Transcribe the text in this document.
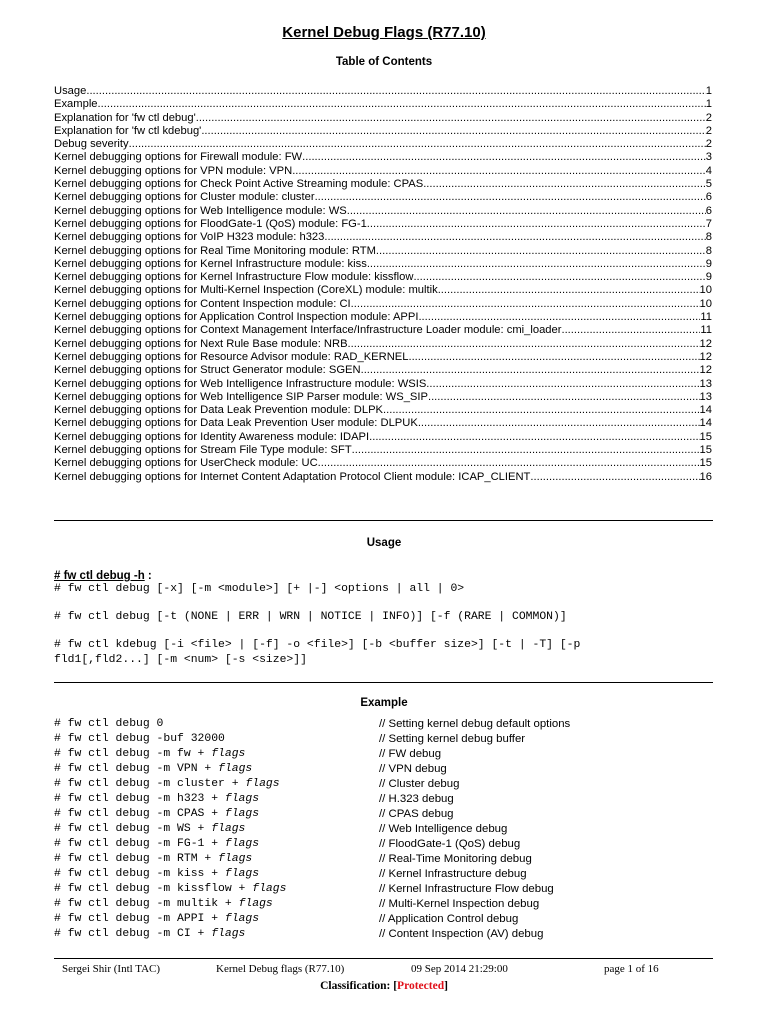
Kernel Debug Flags (R77.10)
Table of Contents
Usage .....	1
Example .....	1
Explanation for 'fw ctl debug' .....	2
Explanation for 'fw ctl kdebug' .....	2
Debug severity .....	2
Kernel debugging options for Firewall module: FW .....	3
Kernel debugging options for VPN module: VPN .....	4
Kernel debugging options for Check Point Active Streaming module: CPAS .....	5
Kernel debugging options for Cluster module: cluster .....	6
Kernel debugging options for Web Intelligence module: WS .....	6
Kernel debugging options for FloodGate-1 (QoS) module: FG-1 .....	7
Kernel debugging options for VoIP H323 module: h323 .....	8
Kernel debugging options for Real Time Monitoring module: RTM .....	8
Kernel debugging options for Kernel Infrastructure module: kiss .....	9
Kernel debugging options for Kernel Infrastructure Flow module: kissflow .....	9
Kernel debugging options for Multi-Kernel Inspection (CoreXL) module: multik .....	10
Kernel debugging options for Content Inspection module: CI .....	10
Kernel debugging options for Application Control Inspection module: APPI .....	11
Kernel debugging options for Context Management Interface/Infrastructure Loader module: cmi_loader .....	11
Kernel debugging options for Next Rule Base module: NRB .....	12
Kernel debugging options for Resource Advisor module: RAD_KERNEL .....	12
Kernel debugging options for Struct Generator module: SGEN .....	12
Kernel debugging options for Web Intelligence Infrastructure module: WSIS .....	13
Kernel debugging options for Web Intelligence SIP Parser module: WS_SIP .....	13
Kernel debugging options for Data Leak Prevention module: DLPK .....	14
Kernel debugging options for Data Leak Prevention User module: DLPUK .....	14
Kernel debugging options for Identity Awareness module: IDAPI .....	15
Kernel debugging options for Stream File Type module: SFT .....	15
Kernel debugging options for UserCheck module: UC .....	15
Kernel debugging options for Internet Content Adaptation Protocol Client module: ICAP_CLIENT .....	16
Usage
# fw ctl debug -h :
# fw ctl debug [-x] [-m <module>] [+ |-] <options | all | 0>
# fw ctl debug [-t (NONE | ERR | WRN | NOTICE | INFO)] [-f (RARE | COMMON)]
# fw ctl kdebug [-i <file> | [-f] -o <file>] [-b <buffer size>] [-t | -T] [-p
fld1[,fld2...] [-m <num> [-s <size>]]
Example
# fw ctl debug 0	// Setting kernel debug default options
# fw ctl debug -buf 32000	// Setting kernel debug buffer
# fw ctl debug -m fw + flags	// FW debug
# fw ctl debug -m VPN + flags	// VPN debug
# fw ctl debug -m cluster + flags	// Cluster debug
# fw ctl debug -m h323 + flags	// H.323 debug
# fw ctl debug -m CPAS + flags	// CPAS debug
# fw ctl debug -m WS + flags	// Web Intelligence debug
# fw ctl debug -m FG-1 + flags	// FloodGate-1 (QoS) debug
# fw ctl debug -m RTM + flags	// Real-Time Monitoring debug
# fw ctl debug -m kiss + flags	// Kernel Infrastructure debug
# fw ctl debug -m kissflow + flags	// Kernel Infrastructure Flow debug
# fw ctl debug -m multik + flags	// Multi-Kernel Inspection debug
# fw ctl debug -m APPI + flags	// Application Control debug
# fw ctl debug -m CI + flags	// Content Inspection (AV) debug
Sergei Shir (Intl TAC)	Kernel Debug flags (R77.10)	09 Sep 2014 21:29:00	page 1 of 16
Classification: [Protected]
